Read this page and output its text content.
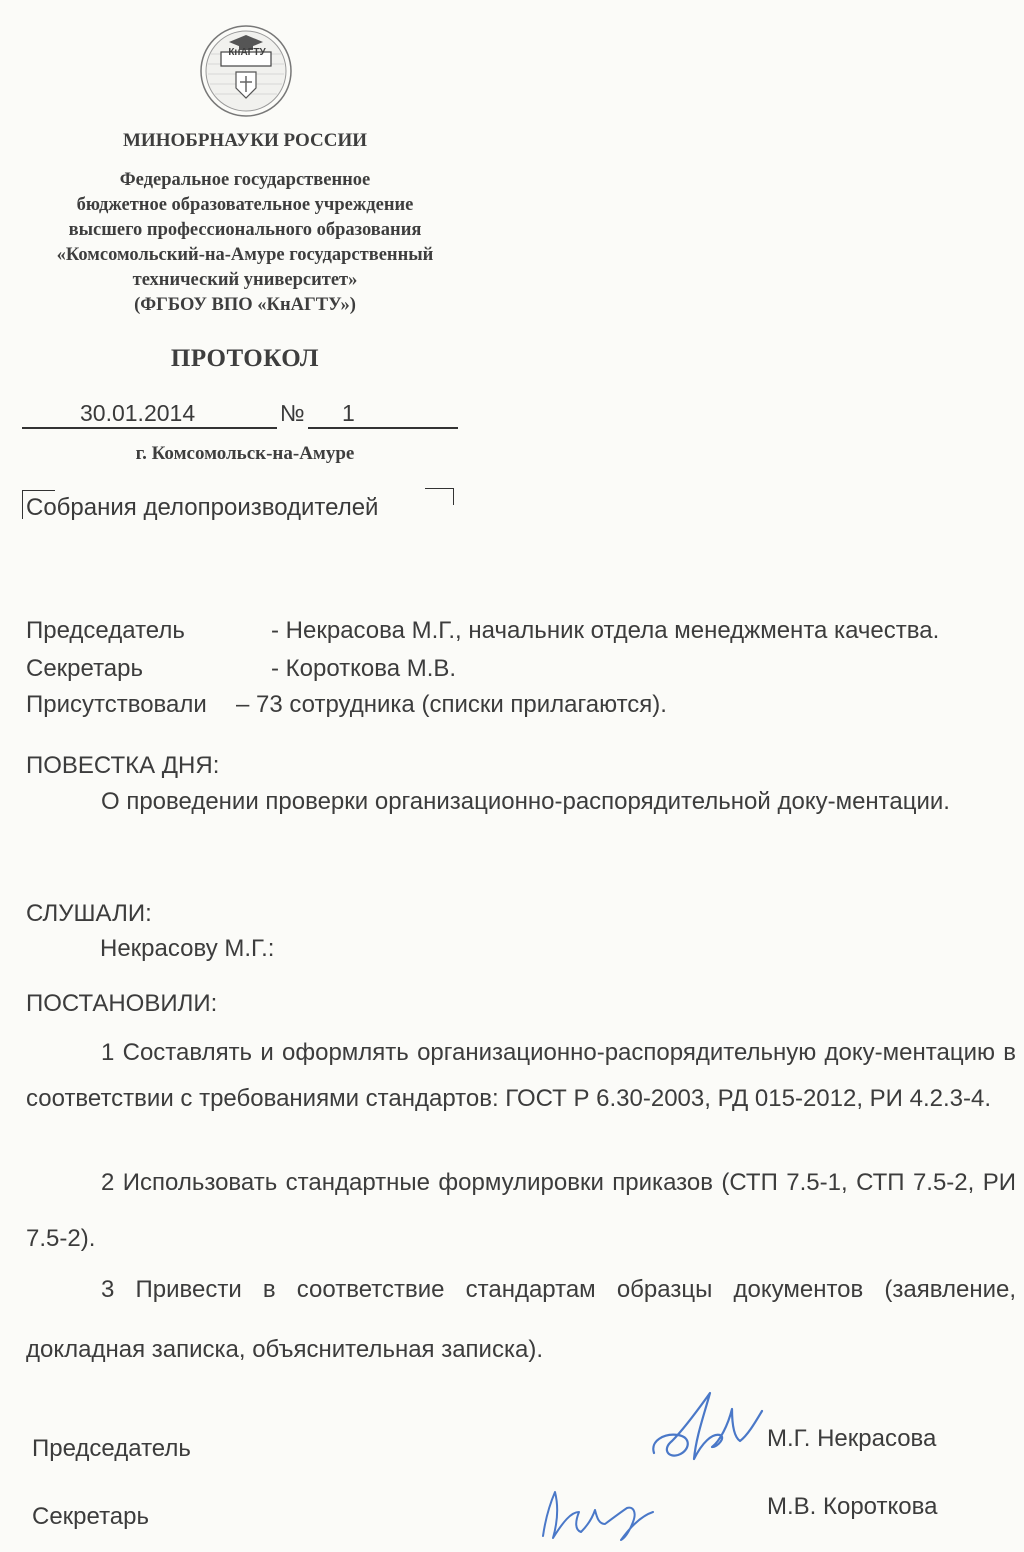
КнАГТУ
МИНОБРНАУКИ РОССИИ
Федеральное государственное
бюджетное образовательное учреждение
высшего профессионального образования
«Комсомольский-на-Амуре государственный
технический университет»
(ФГБОУ ВПО «КнАГТУ»)
ПРОТОКОЛ
30.01.2014	№ 1
г. Комсомольск-на-Амуре
Собрания делопроизводителей
Председатель	- Некрасова М.Г., начальник отдела менеджмента качества.
Секретарь	- Короткова М.В.
Присутствовали – 73 сотрудника (списки прилагаются).
ПОВЕСТКА ДНЯ:
О проведении проверки организационно-распорядительной доку-ментации.
СЛУШАЛИ:
Некрасову М.Г.:
ПОСТАНОВИЛИ:
1 Составлять и оформлять организационно-распорядительную доку-ментацию в соответствии с требованиями стандартов: ГОСТ Р 6.30-2003, РД 015-2012, РИ 4.2.3-4.
2 Использовать стандартные формулировки приказов (СТП 7.5-1, СТП 7.5-2, РИ 7.5-2).
3 Привести в соответствие стандартам образцы документов (заявление, докладная записка, объяснительная записка).
Председатель	М.Г. Некрасова
Секретарь	М.В. Короткова
